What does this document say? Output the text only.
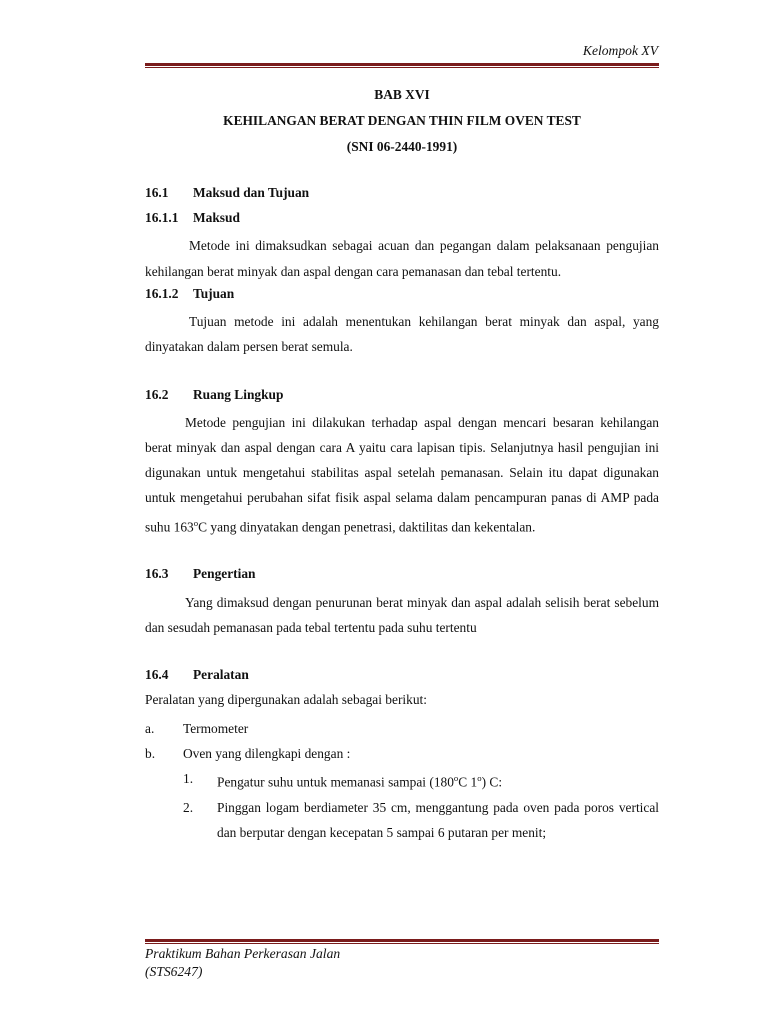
Kelompok XV
BAB XVI
KEHILANGAN BERAT DENGAN THIN FILM OVEN TEST
(SNI 06-2440-1991)
16.1 Maksud dan Tujuan
16.1.1 Maksud

Metode ini dimaksudkan sebagai acuan dan pegangan dalam pelaksanaan pengujian kehilangan berat minyak dan aspal dengan cara pemanasan dan tebal tertentu.

16.1.2 Tujuan

Tujuan metode ini adalah menentukan kehilangan berat minyak dan aspal, yang dinyatakan dalam persen berat semula.

16.2 Ruang Lingkup

Metode pengujian ini dilakukan terhadap aspal dengan mencari besaran kehilangan berat minyak dan aspal dengan cara A yaitu cara lapisan tipis. Selanjutnya hasil pengujian ini digunakan untuk mengetahui stabilitas aspal setelah pemanasan. Selain itu dapat digunakan untuk mengetahui perubahan sifat fisik aspal selama dalam pencampuran panas di AMP pada suhu 163$^o$C yang dinyatakan dengan penetrasi, daktilitas dan kekentalan.

16.3 Pengertian

Yang dimaksud dengan penurunan berat minyak dan aspal adalah selisih berat sebelum dan sesudah pemanasan pada tebal tertentu pada suhu tertentu

16.4 Peralatan
Peralatan yang dipergunakan adalah sebagai berikut:
a.	Termometer
b.	Oven yang dilengkapi dengan :
1.	Pengatur suhu untuk memanasi sampai (180$^o$C 1$^o$) C:
2.	Pinggan logam berdiameter 35 cm, menggantung pada oven pada poros vertical dan berputar dengan kecepatan 5 sampai 6 putaran per menit;
Praktikum Bahan Perkerasan Jalan
(STS6247)
